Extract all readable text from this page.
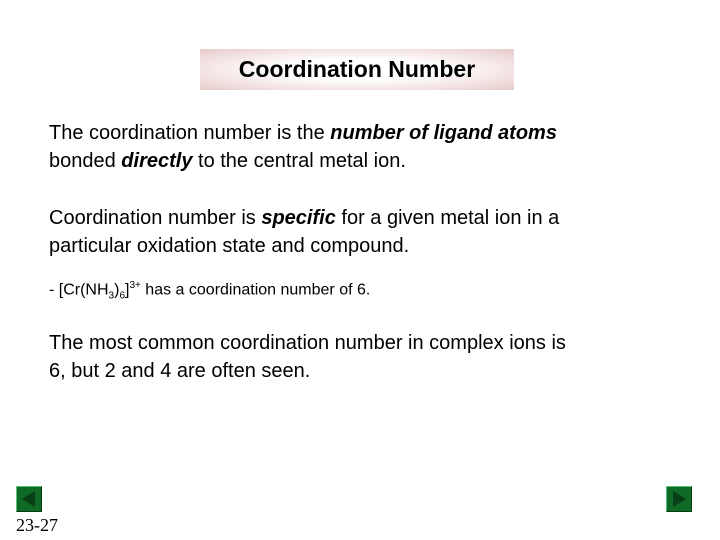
Coordination Number
The coordination number is the number of ligand atoms
bonded directly to the central metal ion.
Coordination number is specific for a given metal ion in a
particular oxidation state and compound.
- $[Cr(NH_3)_6]^{3+}$ has a coordination number of 6.
The most common coordination number in complex ions is
6, but 2 and 4 are often seen.
23-27
